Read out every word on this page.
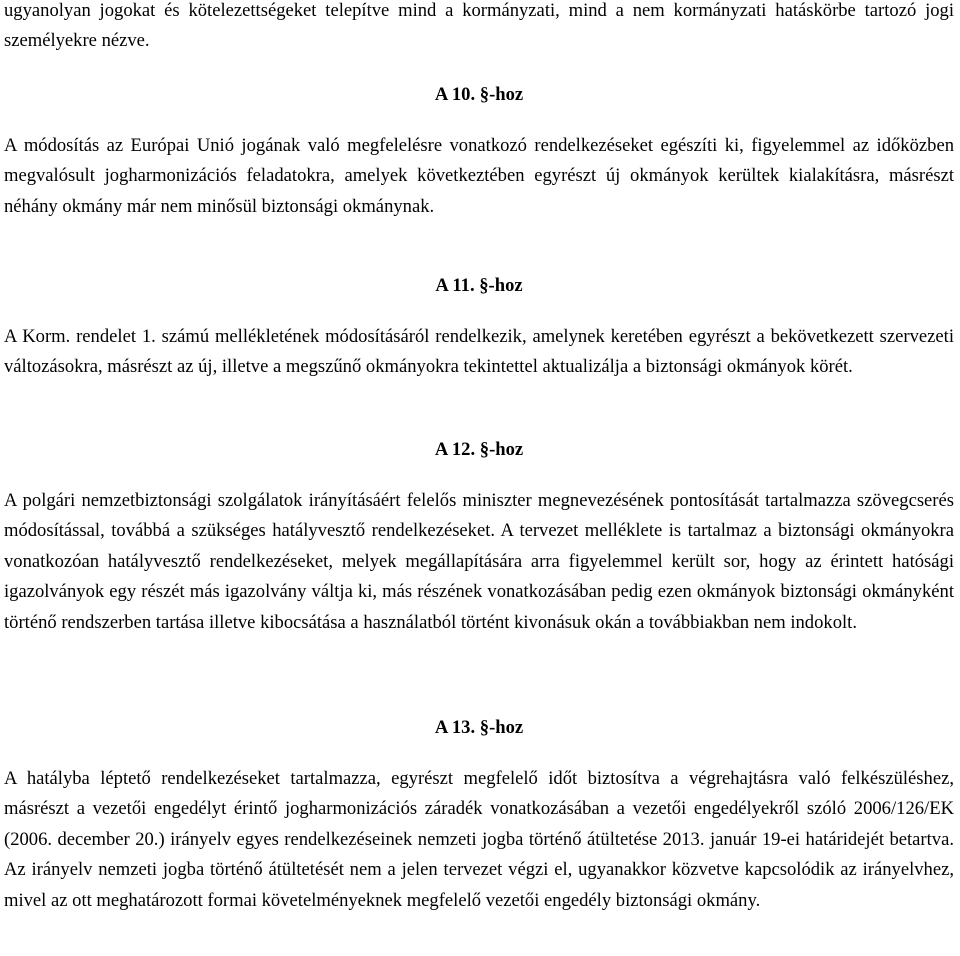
ugyanolyan jogokat és kötelezettségeket telepítve mind a kormányzati, mind a nem kormányzati hatáskörbe tartozó jogi személyekre nézve.

A 10. §-hoz

A módosítás az Európai Unió jogának való megfelelésre vonatkozó rendelkezéseket egészíti ki, figyelemmel az időközben megvalósult jogharmonizációs feladatokra, amelyek következtében egyrészt új okmányok kerültek kialakításra, másrészt néhány okmány már nem minősül biztonsági okmánynak.

A 11. §-hoz

A Korm. rendelet 1. számú mellékletének módosításáról rendelkezik, amelynek keretében egyrészt a bekövetkezett szervezeti változásokra, másrészt az új, illetve a megszűnő okmányokra tekintettel aktualizálja a biztonsági okmányok körét.

A 12. §-hoz

A polgári nemzetbiztonsági szolgálatok irányításáért felelős miniszter megnevezésének pontosítását tartalmazza szövegcserés módosítással, továbbá a szükséges hatályvesztő rendelkezéseket. A tervezet melléklete is tartalmaz a biztonsági okmányokra vonatkozóan hatályvesztő rendelkezéseket, melyek megállapítására arra figyelemmel került sor, hogy az érintett hatósági igazolványok egy részét más igazolvány váltja ki, más részének vonatkozásában pedig ezen okmányok biztonsági okmányként történő rendszerben tartása illetve kibocsátása a használatból történt kivonásuk okán a továbbiakban nem indokolt.

A 13. §-hoz

A hatályba léptető rendelkezéseket tartalmazza, egyrészt megfelelő időt biztosítva a végrehajtásra való felkészüléshez, másrészt a vezetői engedélyt érintő jogharmonizációs záradék vonatkozásában a vezetői engedélyekről szóló 2006/126/EK (2006. december 20.) irányelv egyes rendelkezéseinek nemzeti jogba történő átültetése 2013. január 19-ei határidejét betartva. Az irányelv nemzeti jogba történő átültetését nem a jelen tervezet végzi el, ugyanakkor közvetve kapcsolódik az irányelvhez, mivel az ott meghatározott formai követelményeknek megfelelő vezetői engedély biztonsági okmány.
